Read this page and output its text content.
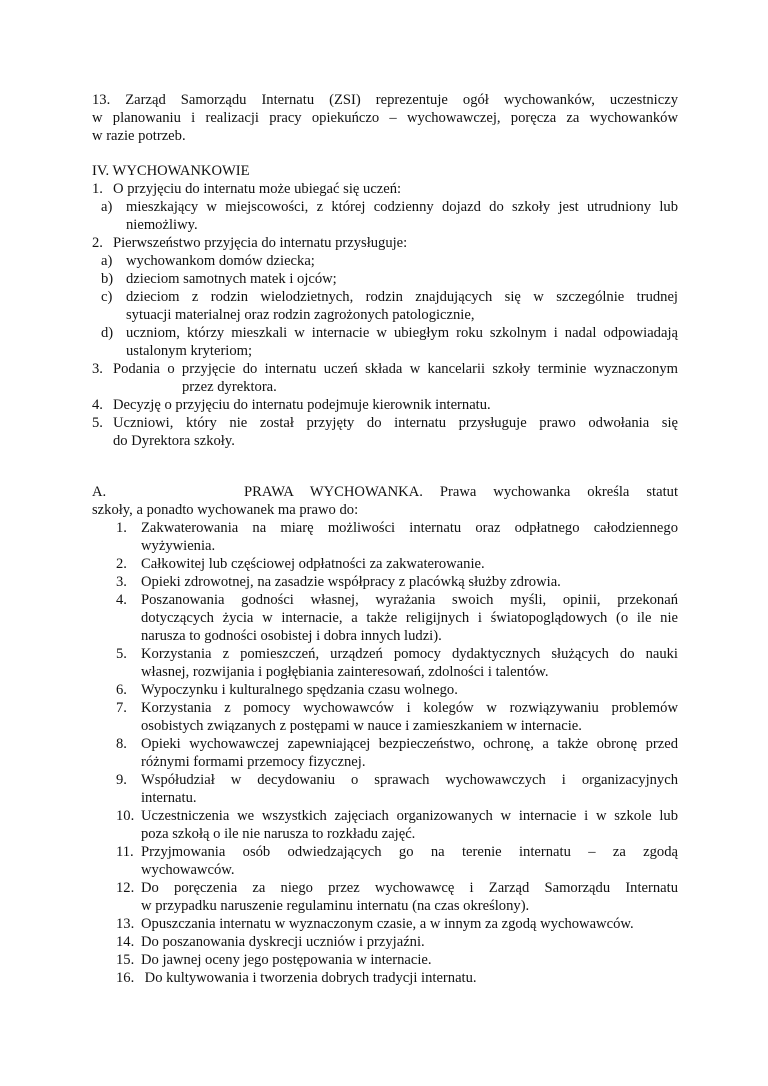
13. Zarząd Samorządu Internatu (ZSI) reprezentuje ogół wychowanków, uczestniczy
w planowaniu i realizacji pracy opiekuńczo – wychowawczej, poręcza za wychowanków
w razie potrzeb.
IV. WYCHOWANKOWIE
1. O przyjęciu do internatu może ubiegać się uczeń:
a) mieszkający w miejscowości, z której codzienny dojazd do szkoły jest utrudniony lub
niemożliwy.
2. Pierwszeństwo przyjęcia do internatu przysługuje:
a) wychowankom domów dziecka;
b) dzieciom samotnych matek i ojców;
c) dzieciom z rodzin wielodzietnych, rodzin znajdujących się w szczególnie trudnej
sytuacji materialnej oraz rodzin zagrożonych patologicznie,
d) uczniom, którzy mieszkali w internacie w ubiegłym roku szkolnym i nadal odpowiadają
ustalonym kryteriom;
3. Podania o przyjęcie do internatu uczeń składa w kancelarii szkoły terminie wyznaczonym
przez dyrektora.
4. Decyzję o przyjęciu do internatu podejmuje kierownik internatu.
5. Uczniowi, który nie został przyjęty do internatu przysługuje prawo odwołania się
do Dyrektora szkoły.
A.	PRAWA WYCHOWANKA. Prawa wychowanka określa statut
szkoły, a ponadto wychowanek ma prawo do:
1. Zakwaterowania na miarę możliwości internatu oraz odpłatnego całodziennego
wyżywienia.
2. Całkowitej lub częściowej odpłatności za zakwaterowanie.
3. Opieki zdrowotnej, na zasadzie współpracy z placówką służby zdrowia.
4. Poszanowania godności własnej, wyrażania swoich myśli, opinii, przekonań
dotyczących życia w internacie, a także religijnych i światopoglądowych (o ile nie
narusza to godności osobistej i dobra innych ludzi).
5. Korzystania z pomieszczeń, urządzeń pomocy dydaktycznych służących do nauki
własnej, rozwijania i pogłębiania zainteresowań, zdolności i talentów.
6. Wypoczynku i kulturalnego spędzania czasu wolnego.
7. Korzystania z pomocy wychowawców i kolegów w rozwiązywaniu problemów
osobistych związanych z postępami w nauce i zamieszkaniem w internacie.
8. Opieki wychowawczej zapewniającej bezpieczeństwo, ochronę, a także obronę przed
różnymi formami przemocy fizycznej.
9. Współudział w decydowaniu o sprawach wychowawczych i organizacyjnych
internatu.
10. Uczestniczenia we wszystkich zajęciach organizowanych w internacie i w szkole lub
poza szkołą o ile nie narusza to rozkładu zajęć.
11. Przyjmowania osób odwiedzających go na terenie internatu – za zgodą
wychowawców.
12. Do poręczenia za niego przez wychowawcę i Zarząd Samorządu Internatu
w przypadku naruszenie regulaminu internatu (na czas określony).
13. Opuszczania internatu w wyznaczonym czasie, a w innym za zgodą wychowawców.
14. Do poszanowania dyskrecji uczniów i przyjaźni.
15. Do jawnej oceny jego postępowania w internacie.
16. Do kultywowania i tworzenia dobrych tradycji internatu.
